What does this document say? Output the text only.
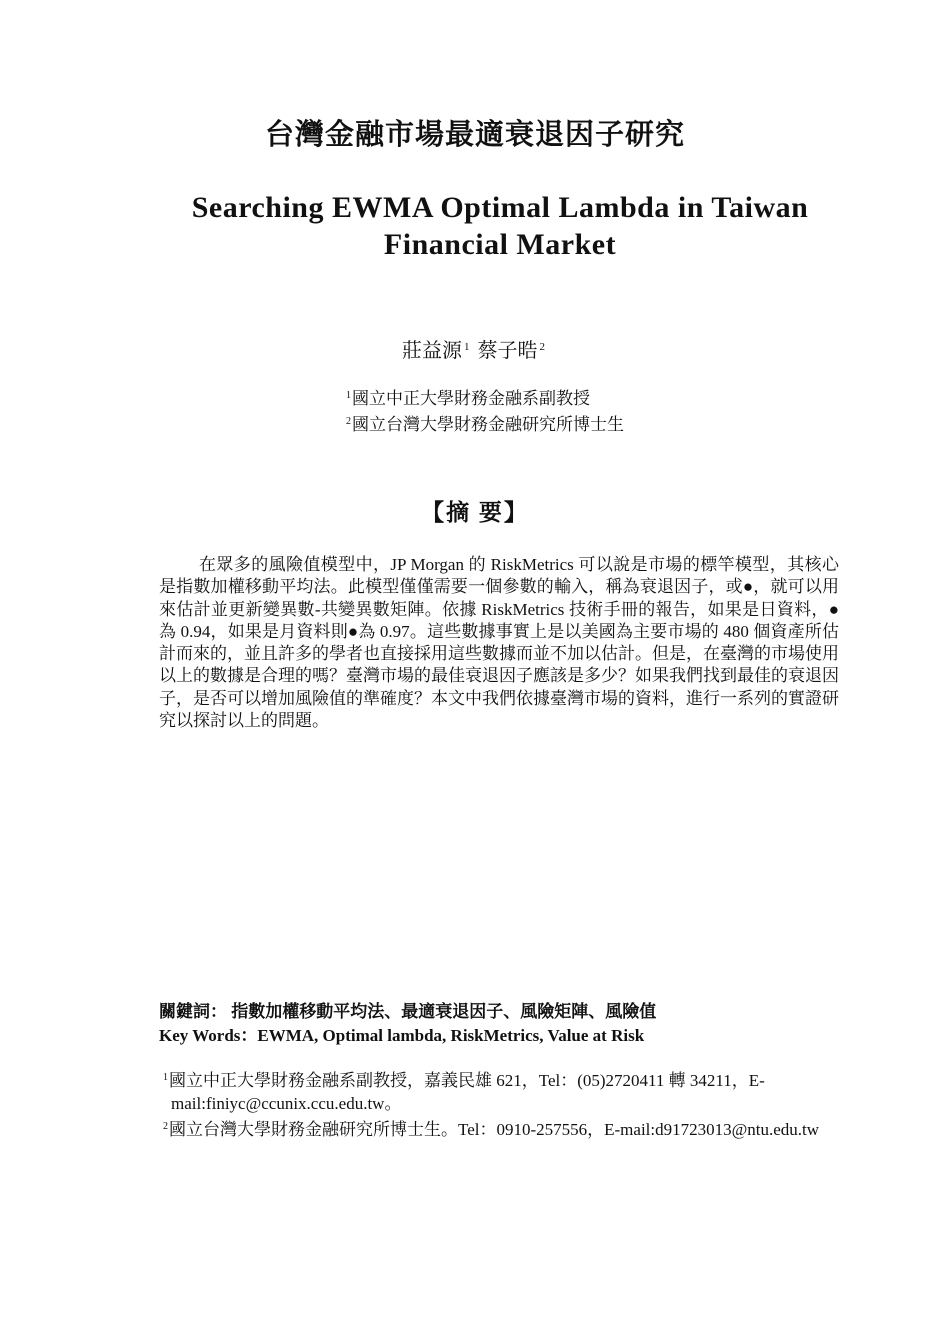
台灣金融市場最適衰退因子研究
Searching EWMA Optimal Lambda in Taiwan Financial Market
莊益源 $^1$ 蔡子晧 $^2$
$^1$國立中正大學財務金融系副教授
$^2$國立台灣大學財務金融研究所博士生
【摘 要】
在眾多的風險值模型中，JP Morgan 的 RiskMetrics 可以說是市場的標竿模型，其核心是指數加權移動平均法。此模型僅僅需要一個參數的輸入，稱為衰退因子，或●，就可以用來估計並更新變異數-共變異數矩陣。依據 RiskMetrics 技術手冊的報告，如果是日資料，●為 0.94，如果是月資料則●為 0.97。這些數據事實上是以美國為主要市場的 480 個資產所估計而來的，並且許多的學者也直接採用這些數據而並不加以估計。但是，在臺灣的市場使用以上的數據是合理的嗎？臺灣市場的最佳衰退因子應該是多少？如果我們找到最佳的衰退因子，是否可以增加風險值的準確度？本文中我們依據臺灣市場的資料，進行一系列的實證研究以探討以上的問題。
關鍵詞： 指數加權移動平均法、最適衰退因子、風險矩陣、風險值
Key Words：EWMA, Optimal lambda, RiskMetrics, Value at Risk
$^1$國立中正大學財務金融系副教授，嘉義民雄 621，Tel：(05)2720411 轉 34211，E-mail:finiyc@ccunix.ccu.edu.tw。
$^2$國立台灣大學財務金融研究所博士生。Tel：0910-257556，E-mail:d91723013@ntu.edu.tw
